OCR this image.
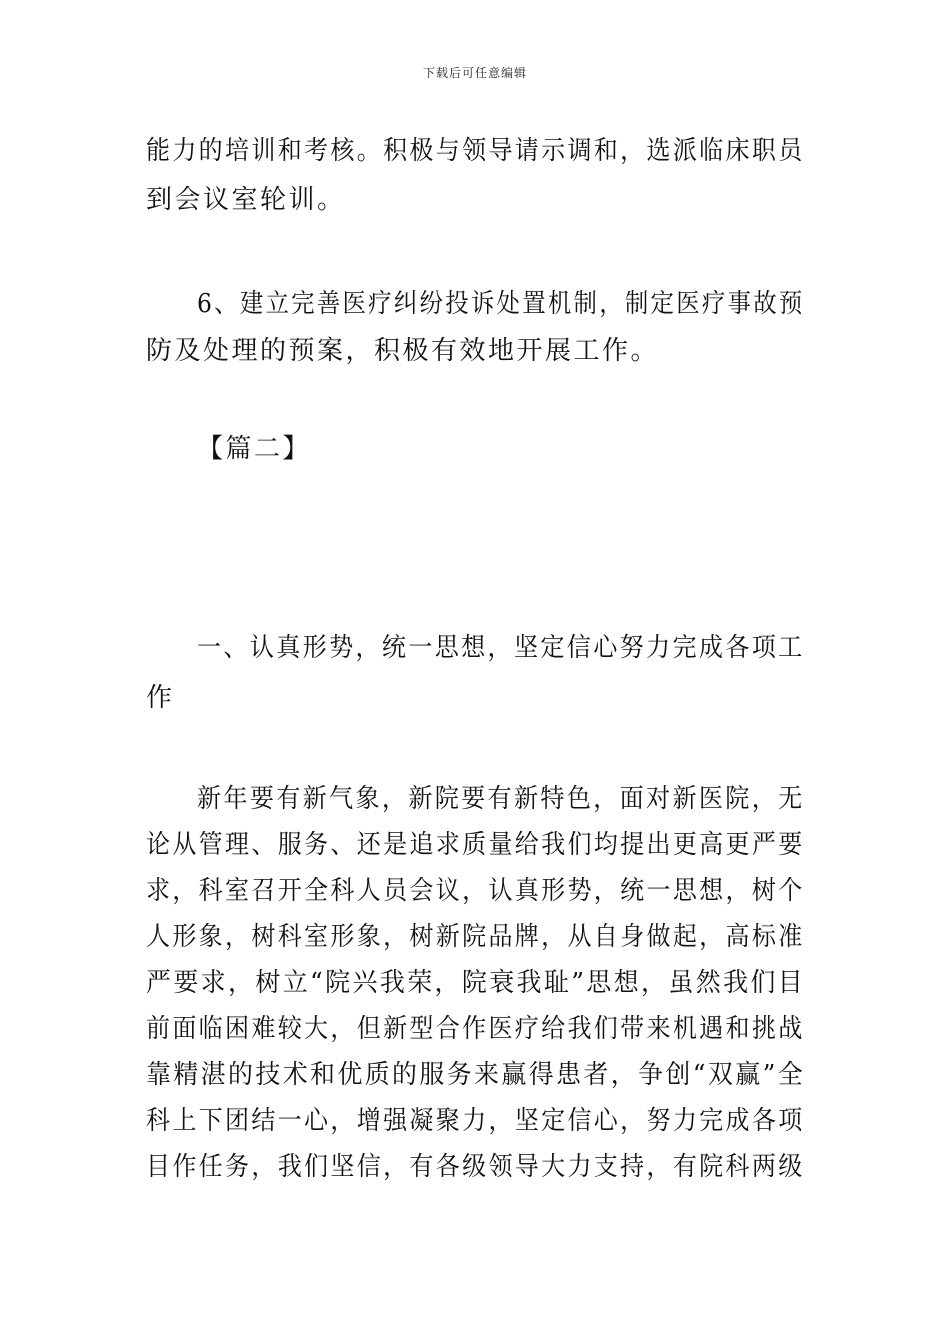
下载后可任意编辑
能力的培训和考核。积极与领导请示调和，选派临床职员
到会议室轮训。
6、建立完善医疗纠纷投诉处置机制，制定医疗事故预
防及处理的预案，积极有效地开展工作。
【篇二】
一、认真形势，统一思想，坚定信心努力完成各项工
作
新年要有新气象，新院要有新特色，面对新医院，无
论从管理、服务、还是追求质量给我们均提出更高更严要
求，科室召开全科人员会议，认真形势，统一思想，树个
人形象，树科室形象，树新院品牌，从自身做起，高标准
严要求，树立“院兴我荣，院衰我耻”思想，虽然我们目
前面临困难较大，但新型合作医疗给我们带来机遇和挑战
靠精湛的技术和优质的服务来赢得患者，争创“双赢”全
科上下团结一心，增强凝聚力，坚定信心，努力完成各项
目作任务，我们坚信，有各级领导大力支持，有院科两级
